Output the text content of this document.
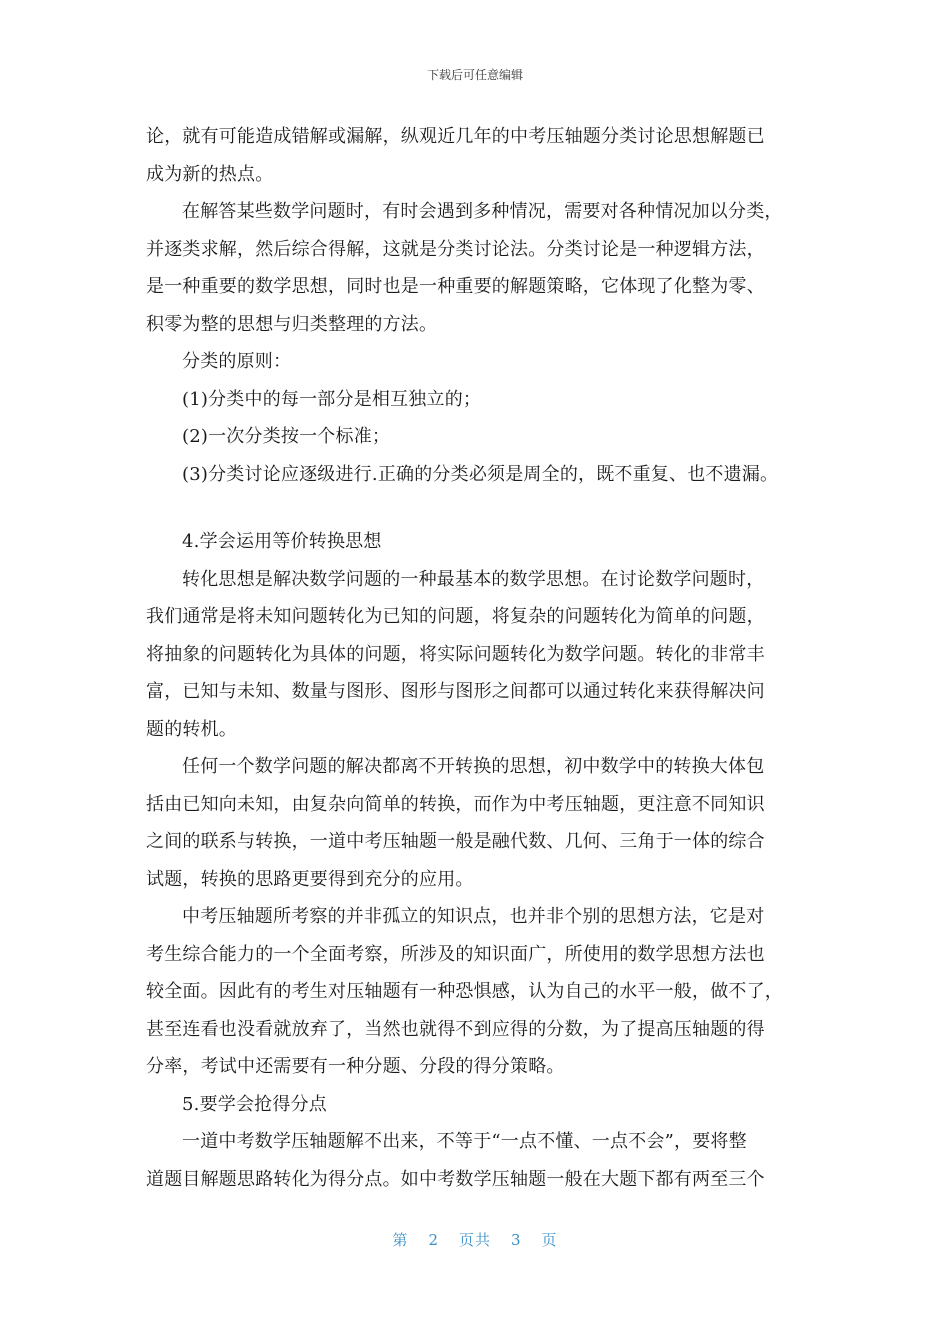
下载后可任意编辑

论，就有可能造成错解或漏解，纵观近几年的中考压轴题分类讨论思想解题已
成为新的热点。

在解答某些数学问题时，有时会遇到多种情况，需要对各种情况加以分类，
并逐类求解，然后综合得解，这就是分类讨论法。分类讨论是一种逻辑方法，
是一种重要的数学思想，同时也是一种重要的解题策略，它体现了化整为零、
积零为整的思想与归类整理的方法。

分类的原则：

(1)分类中的每一部分是相互独立的；

(2)一次分类按一个标准；

(3)分类讨论应逐级进行.正确的分类必须是周全的，既不重复、也不遗漏。

4.学会运用等价转换思想

转化思想是解决数学问题的一种最基本的数学思想。在讨论数学问题时，
我们通常是将未知问题转化为已知的问题，将复杂的问题转化为简单的问题，
将抽象的问题转化为具体的问题，将实际问题转化为数学问题。转化的非常丰
富，已知与未知、数量与图形、图形与图形之间都可以通过转化来获得解决问
题的转机。

任何一个数学问题的解决都离不开转换的思想，初中数学中的转换大体包
括由已知向未知，由复杂向简单的转换，而作为中考压轴题，更注意不同知识
之间的联系与转换，一道中考压轴题一般是融代数、几何、三角于一体的综合
试题，转换的思路更要得到充分的应用。

中考压轴题所考察的并非孤立的知识点，也并非个别的思想方法，它是对
考生综合能力的一个全面考察，所涉及的知识面广，所使用的数学思想方法也
较全面。因此有的考生对压轴题有一种恐惧感，认为自己的水平一般，做不了，
甚至连看也没看就放弃了，当然也就得不到应得的分数，为了提高压轴题的得
分率，考试中还需要有一种分题、分段的得分策略。

5.要学会抢得分点

一道中考数学压轴题解不出来，不等于“一点不懂、一点不会”，要将整
道题目解题思路转化为得分点。如中考数学压轴题一般在大题下都有两至三个

第 2 页共 3 页
